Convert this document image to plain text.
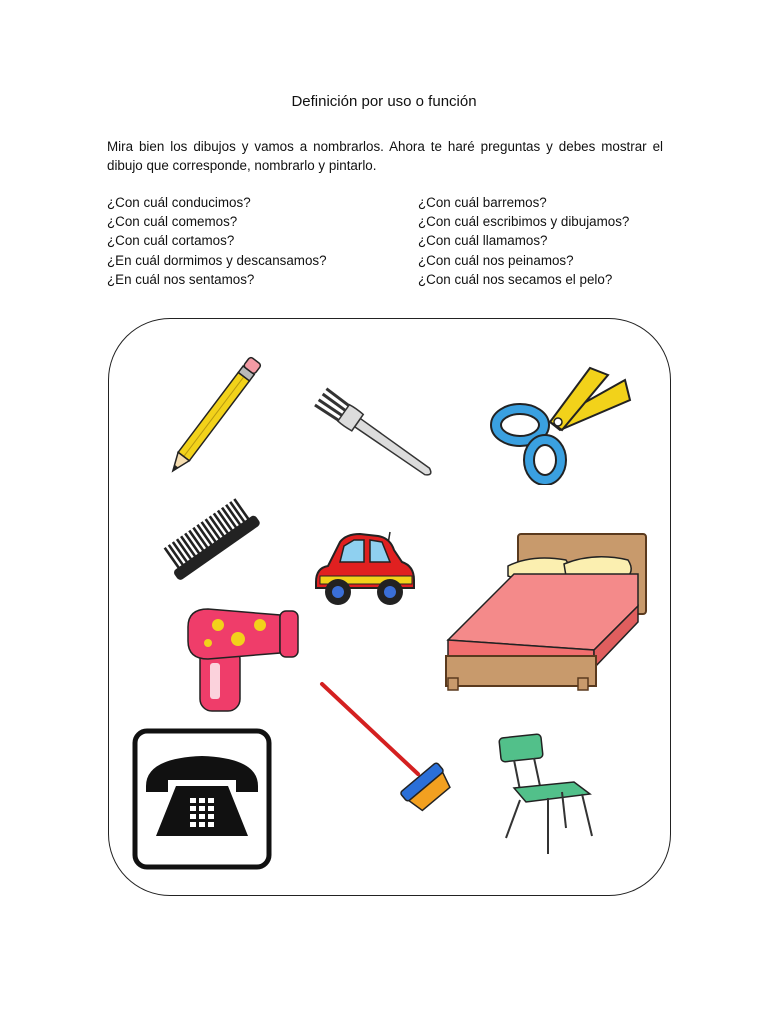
Definición por uso o función
Mira bien los dibujos y vamos a nombrarlos. Ahora te haré preguntas y debes mostrar el dibujo que corresponde, nombrarlo y pintarlo.
¿Con cuál conducimos?
¿Con cuál comemos?
¿Con cuál cortamos?
¿En cuál dormimos y descansamos?
¿En cuál nos sentamos?
¿Con cuál barremos?
¿Con cuál escribimos y dibujamos?
¿Con cuál llamamos?
¿Con cuál nos peinamos?
¿Con cuál nos secamos el pelo?
